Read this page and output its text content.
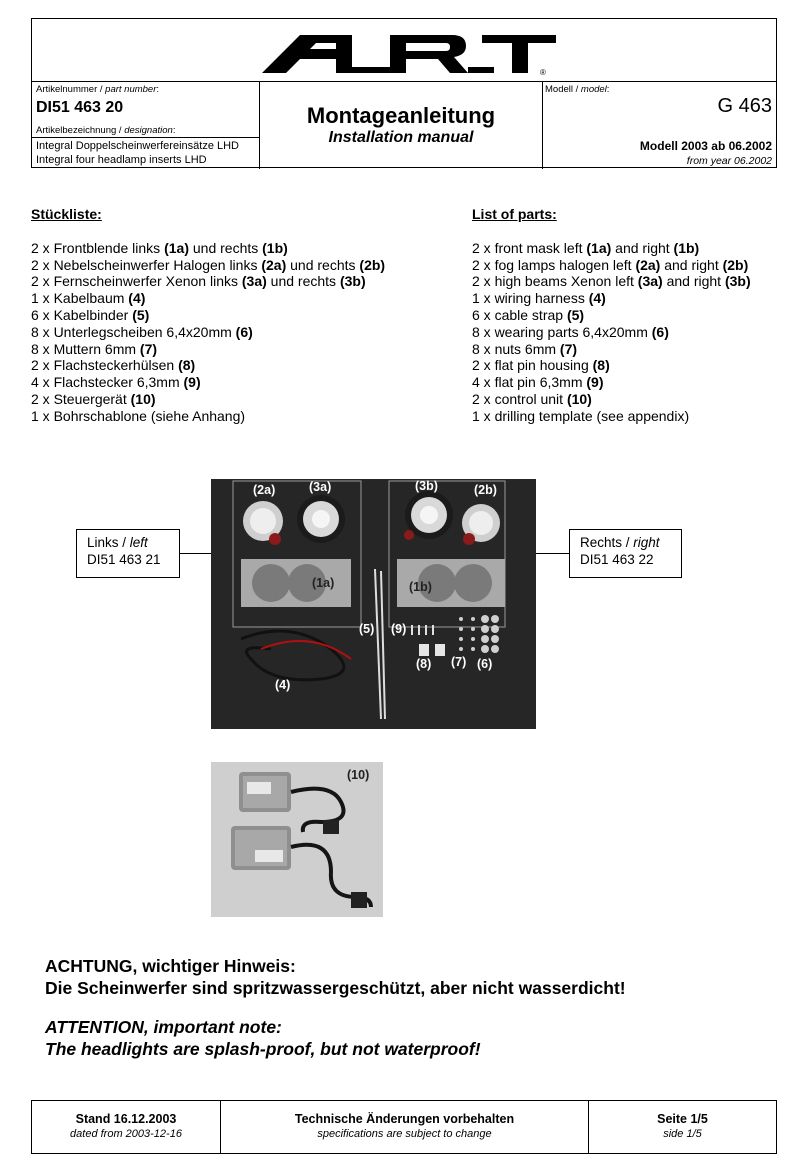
®
Artikelnummer / part number:
DI51 463 20
Artikelbezeichnung / designation:
Integral Doppelscheinwerfereinsätze LHD
Integral four headlamp inserts LHD
Montageanleitung
Installation manual
Modell / model:
G 463
Modell 2003 ab 06.2002
from year 06.2002
Stückliste:
2 x Frontblende links (1a) und rechts (1b)
2 x Nebelscheinwerfer Halogen links (2a) und rechts (2b)
2 x Fernscheinwerfer Xenon links (3a) und rechts (3b)
1 x Kabelbaum (4)
6 x Kabelbinder (5)
8 x Unterlegscheiben 6,4x20mm (6)
8 x Muttern 6mm (7)
2 x Flachsteckerhülsen (8)
4 x Flachstecker 6,3mm (9)
2 x Steuergerät (10)
1 x Bohrschablone (siehe Anhang)
List of parts:
2 x front mask left (1a) and right (1b)
2 x fog lamps halogen left (2a) and right (2b)
2 x high beams Xenon left (3a) and right (3b)
1 x wiring harness (4)
6 x cable strap (5)
8 x wearing parts 6,4x20mm (6)
8 x nuts 6mm (7)
2 x flat pin housing (8)
4 x flat pin 6,3mm (9)
2 x control unit (10)
1 x drilling template (see appendix)
Links / left
DI51 463 21
Rechts / right
DI51 463 22
(2a)	(3a)	(3b)	(2b)
(1a)	(1b)
(5) (9)
(8) (7) (6)
(4)
(10)
ACHTUNG, wichtiger Hinweis:
Die Scheinwerfer sind spritzwassergeschützt, aber nicht wasserdicht!
ATTENTION, important note:
The headlights are splash-proof, but not waterproof!
Stand 16.12.2003
dated from 2003-12-16
Technische Änderungen vorbehalten
specifications are subject to change
Seite 1/5
side 1/5
